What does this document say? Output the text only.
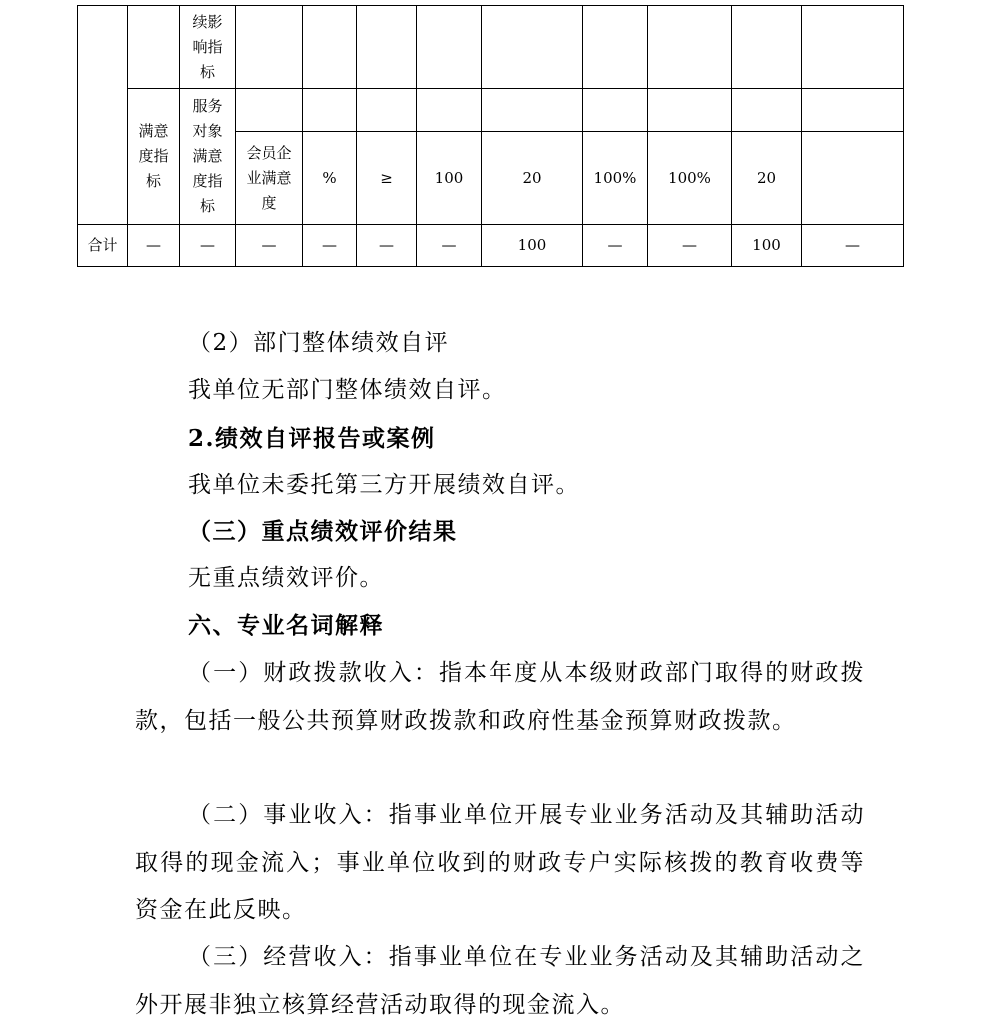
		续影响指标									
	满意度指标	服务对象满意度指标									
			会员企业满意度	%	≥	100	20	100%	100%	20	
合计	—	—	—	—	—	—	100	—	—	100	—
（2）部门整体绩效自评
我单位无部门整体绩效自评。
2.绩效自评报告或案例
我单位未委托第三方开展绩效自评。
（三）重点绩效评价结果
无重点绩效评价。
六、专业名词解释
（一）财政拨款收入：指本年度从本级财政部门取得的财政拨款，包括一般公共预算财政拨款和政府性基金预算财政拨款。
（二）事业收入：指事业单位开展专业业务活动及其辅助活动取得的现金流入；事业单位收到的财政专户实际核拨的教育收费等资金在此反映。
（三）经营收入：指事业单位在专业业务活动及其辅助活动之外开展非独立核算经营活动取得的现金流入。
